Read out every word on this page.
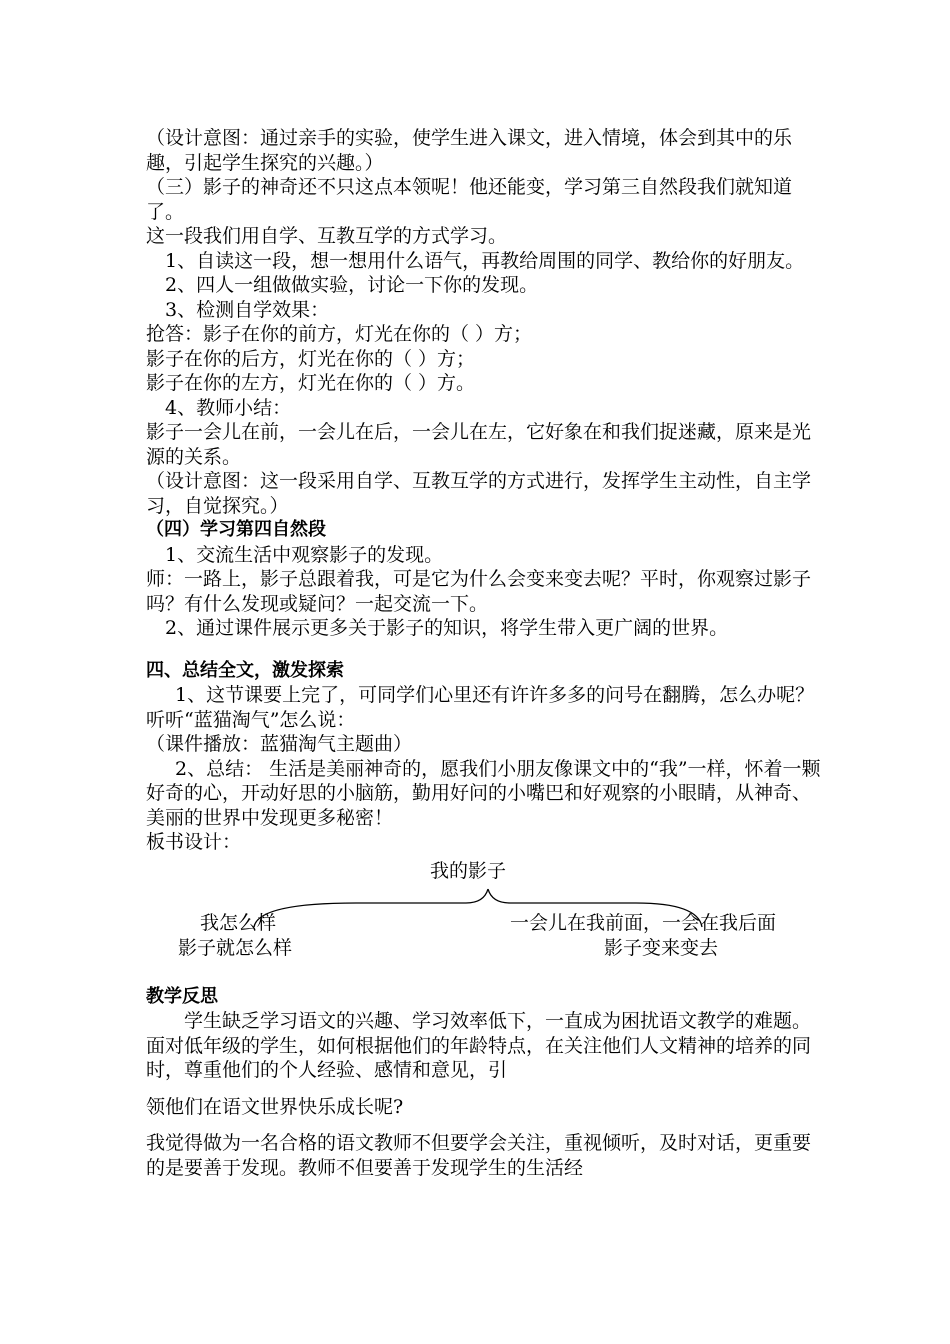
（设计意图：通过亲手的实验，使学生进入课文，进入情境，体会到其中的乐趣，引起学生探究的兴趣。）

（三）影子的神奇还不只这点本领呢！他还能变，学习第三自然段我们就知道了。

这一段我们用自学、互教互学的方式学习。

1、自读这一段，想一想用什么语气，再教给周围的同学、教给你的好朋友。

2、四人一组做做实验，讨论一下你的发现。

3、检测自学效果：

抢答：影子在你的前方，灯光在你的（ ）方；

影子在你的后方，灯光在你的（ ）方；

影子在你的左方，灯光在你的（ ）方。

4、教师小结：

影子一会儿在前，一会儿在后，一会儿在左，它好象在和我们捉迷藏，原来是光源的关系。

（设计意图：这一段采用自学、互教互学的方式进行，发挥学生主动性，自主学习，自觉探究。）

（四）学习第四自然段

1、交流生活中观察影子的发现。

师：一路上，影子总跟着我，可是它为什么会变来变去呢？平时，你观察过影子吗？有什么发现或疑问？一起交流一下。

2、通过课件展示更多关于影子的知识，将学生带入更广阔的世界。

四、总结全文，激发探索

1、这节课要上完了，可同学们心里还有许许多多的问号在翻腾，怎么办呢？听听“蓝猫淘气”怎么说：

（课件播放：蓝猫淘气主题曲）

2、总结： 生活是美丽神奇的，愿我们小朋友像课文中的“我”一样，怀着一颗好奇的心，开动好思的小脑筋，勤用好问的小嘴巴和好观察的小眼睛，从神奇、美丽的世界中发现更多秘密！

板书设计：

我的影子
我怎么样
影子就怎么样
一会儿在我前面，一会在我后面
影子变来变去

教学反思

学生缺乏学习语文的兴趣、学习效率低下，一直成为困扰语文教学的难题。面对低年级的学生，如何根据他们的年龄特点，在关注他们人文精神的培养的同时，尊重他们的个人经验、感情和意见，引

领他们在语文世界快乐成长呢?

我觉得做为一名合格的语文教师不但要学会关注，重视倾听，及时对话，更重要的是要善于发现。教师不但要善于发现学生的生活经
